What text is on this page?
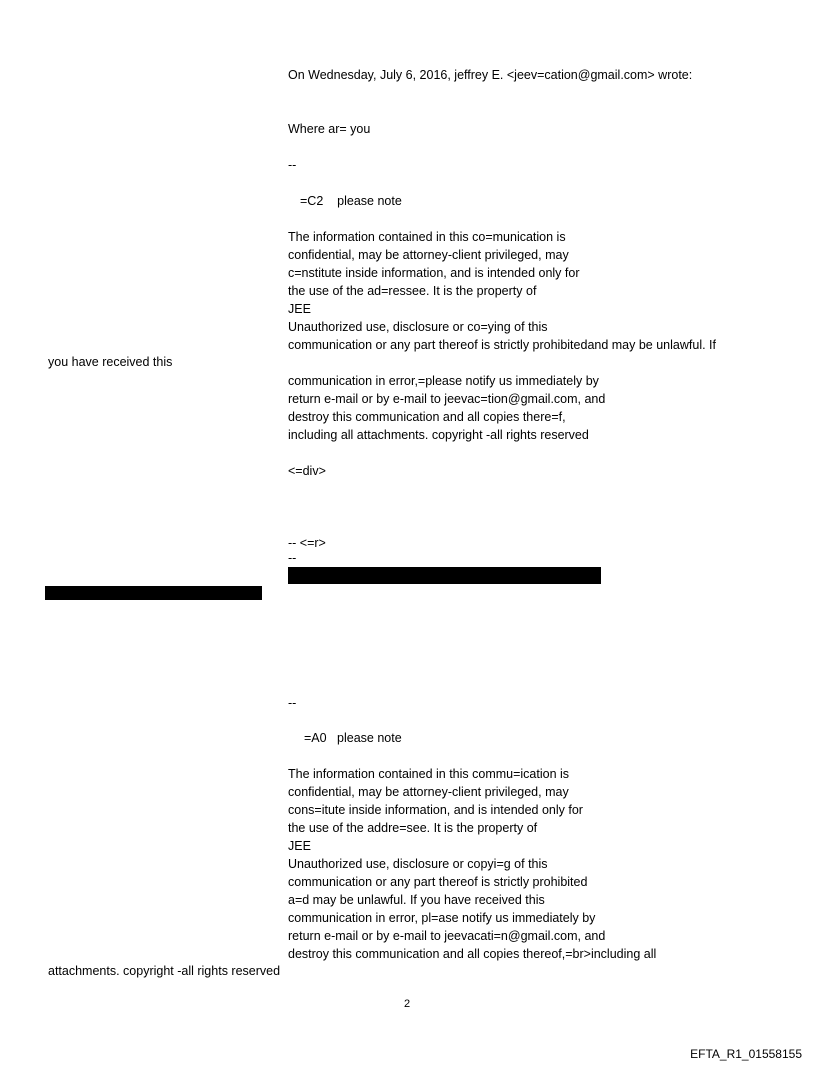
On Wednesday, July 6, 2016, jeffrey E. <jeev=cation@gmail.com> wrote:
Where ar= you
--
=C2    please note
The information contained in this co=munication is
confidential, may be attorney-client privileged, may
c=nstitute inside information, and is intended only for
the use of the ad=ressee. It is the property of
JEE
Unauthorized use, disclosure or co=ying of this
communication or any part thereof is strictly prohibitedand may be unlawful. If
you have received this
communication in error,=please notify us immediately by
return e-mail or by e-mail to jeevac=tion@gmail.com, and
destroy this communication and all copies there=f,
including all attachments. copyright -all rights reserved
<=div>
-- <=r>
--
--
=A0   please note
The information contained in this commu=ication is
confidential, may be attorney-client privileged, may
cons=itute inside information, and is intended only for
the use of the addre=see. It is the property of
JEE
Unauthorized use, disclosure or copyi=g of this
communication or any part thereof is strictly prohibited
a=d may be unlawful. If you have received this
communication in error, pl=ase notify us immediately by
return e-mail or by e-mail to jeevacati=n@gmail.com, and
destroy this communication and all copies thereof,=br>including all
attachments. copyright -all rights reserved
2
EFTA_R1_01558155
